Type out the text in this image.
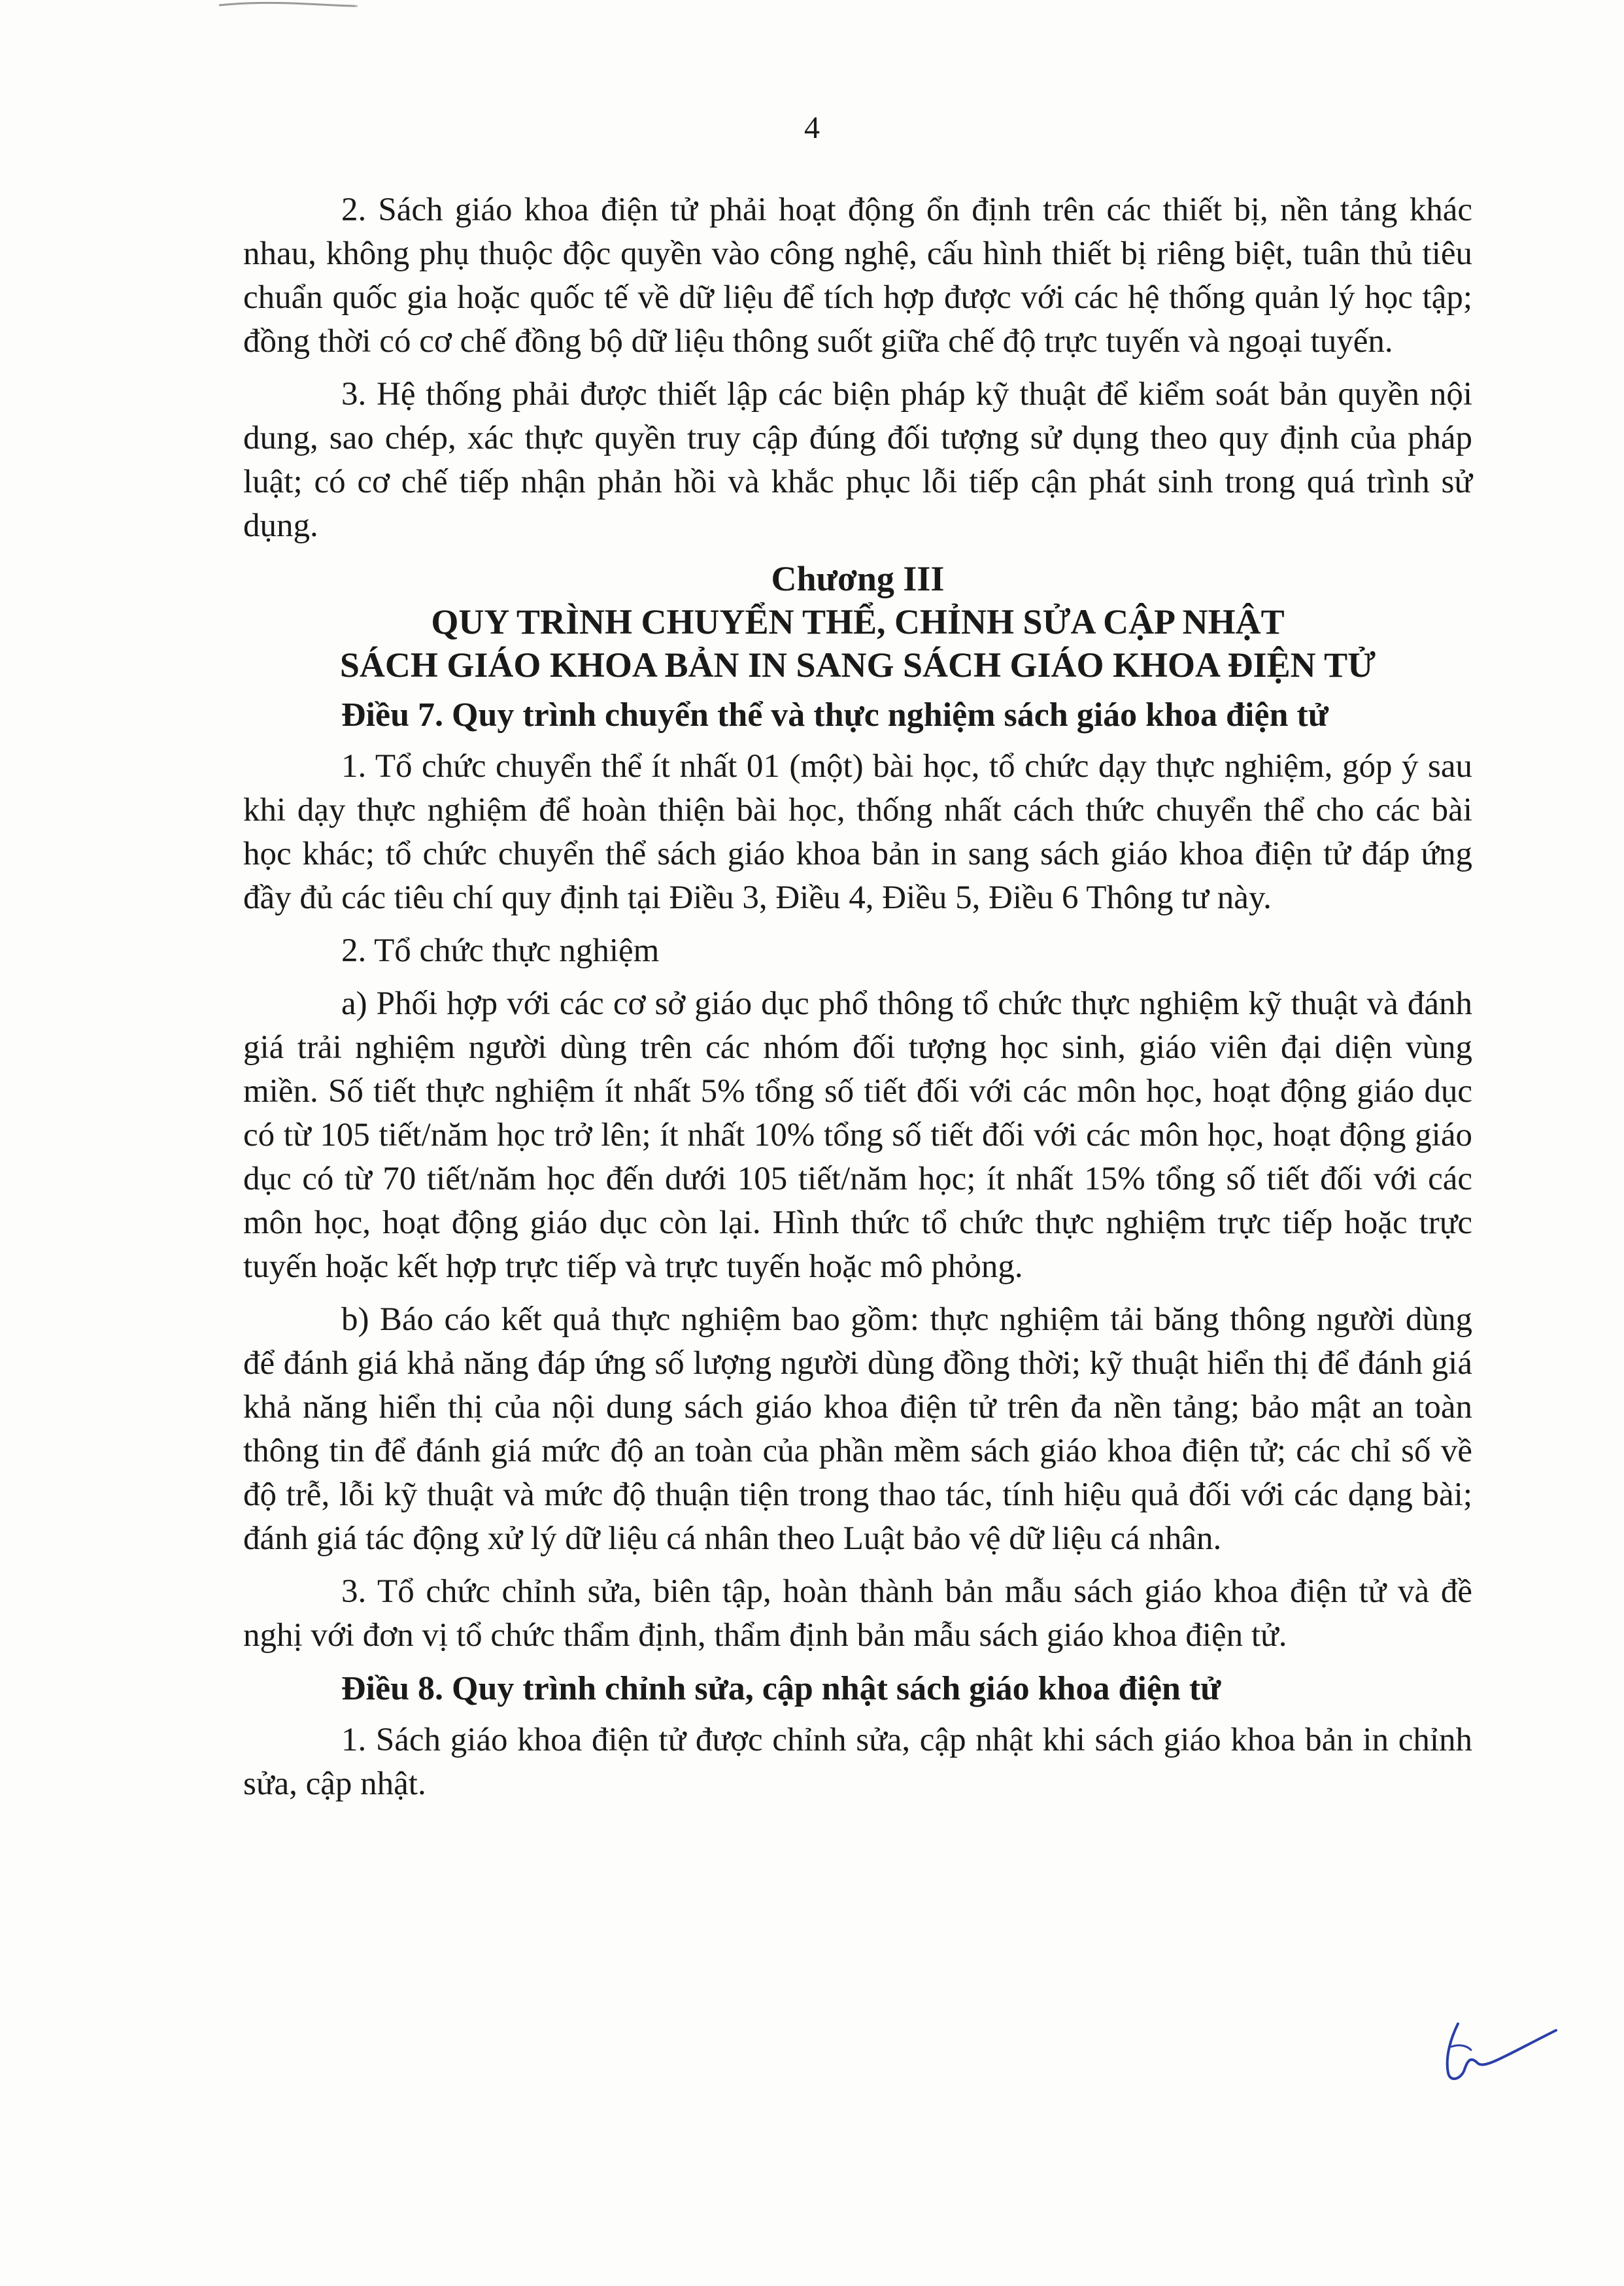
4

2. Sách giáo khoa điện tử phải hoạt động ổn định trên các thiết bị, nền tảng khác nhau, không phụ thuộc độc quyền vào công nghệ, cấu hình thiết bị riêng biệt, tuân thủ tiêu chuẩn quốc gia hoặc quốc tế về dữ liệu để tích hợp được với các hệ thống quản lý học tập; đồng thời có cơ chế đồng bộ dữ liệu thông suốt giữa chế độ trực tuyến và ngoại tuyến.

3. Hệ thống phải được thiết lập các biện pháp kỹ thuật để kiểm soát bản quyền nội dung, sao chép, xác thực quyền truy cập đúng đối tượng sử dụng theo quy định của pháp luật; có cơ chế tiếp nhận phản hồi và khắc phục lỗi tiếp cận phát sinh trong quá trình sử dụng.

Chương III
QUY TRÌNH CHUYỂN THỂ, CHỈNH SỬA CẬP NHẬT
SÁCH GIÁO KHOA BẢN IN SANG SÁCH GIÁO KHOA ĐIỆN TỬ

Điều 7. Quy trình chuyển thể và thực nghiệm sách giáo khoa điện tử

1. Tổ chức chuyển thể ít nhất 01 (một) bài học, tổ chức dạy thực nghiệm, góp ý sau khi dạy thực nghiệm để hoàn thiện bài học, thống nhất cách thức chuyển thể cho các bài học khác; tổ chức chuyển thể sách giáo khoa bản in sang sách giáo khoa điện tử đáp ứng đầy đủ các tiêu chí quy định tại Điều 3, Điều 4, Điều 5, Điều 6 Thông tư này.

2. Tổ chức thực nghiệm

a) Phối hợp với các cơ sở giáo dục phổ thông tổ chức thực nghiệm kỹ thuật và đánh giá trải nghiệm người dùng trên các nhóm đối tượng học sinh, giáo viên đại diện vùng miền. Số tiết thực nghiệm ít nhất 5% tổng số tiết đối với các môn học, hoạt động giáo dục có từ 105 tiết/năm học trở lên; ít nhất 10% tổng số tiết đối với các môn học, hoạt động giáo dục có từ 70 tiết/năm học đến dưới 105 tiết/năm học; ít nhất 15% tổng số tiết đối với các môn học, hoạt động giáo dục còn lại. Hình thức tổ chức thực nghiệm trực tiếp hoặc trực tuyến hoặc kết hợp trực tiếp và trực tuyến hoặc mô phỏng.

b) Báo cáo kết quả thực nghiệm bao gồm: thực nghiệm tải băng thông người dùng để đánh giá khả năng đáp ứng số lượng người dùng đồng thời; kỹ thuật hiển thị để đánh giá khả năng hiển thị của nội dung sách giáo khoa điện tử trên đa nền tảng; bảo mật an toàn thông tin để đánh giá mức độ an toàn của phần mềm sách giáo khoa điện tử; các chỉ số về độ trễ, lỗi kỹ thuật và mức độ thuận tiện trong thao tác, tính hiệu quả đối với các dạng bài; đánh giá tác động xử lý dữ liệu cá nhân theo Luật bảo vệ dữ liệu cá nhân.

3. Tổ chức chỉnh sửa, biên tập, hoàn thành bản mẫu sách giáo khoa điện tử và đề nghị với đơn vị tổ chức thẩm định, thẩm định bản mẫu sách giáo khoa điện tử.

Điều 8. Quy trình chỉnh sửa, cập nhật sách giáo khoa điện tử

1. Sách giáo khoa điện tử được chỉnh sửa, cập nhật khi sách giáo khoa bản in chỉnh sửa, cập nhật.
